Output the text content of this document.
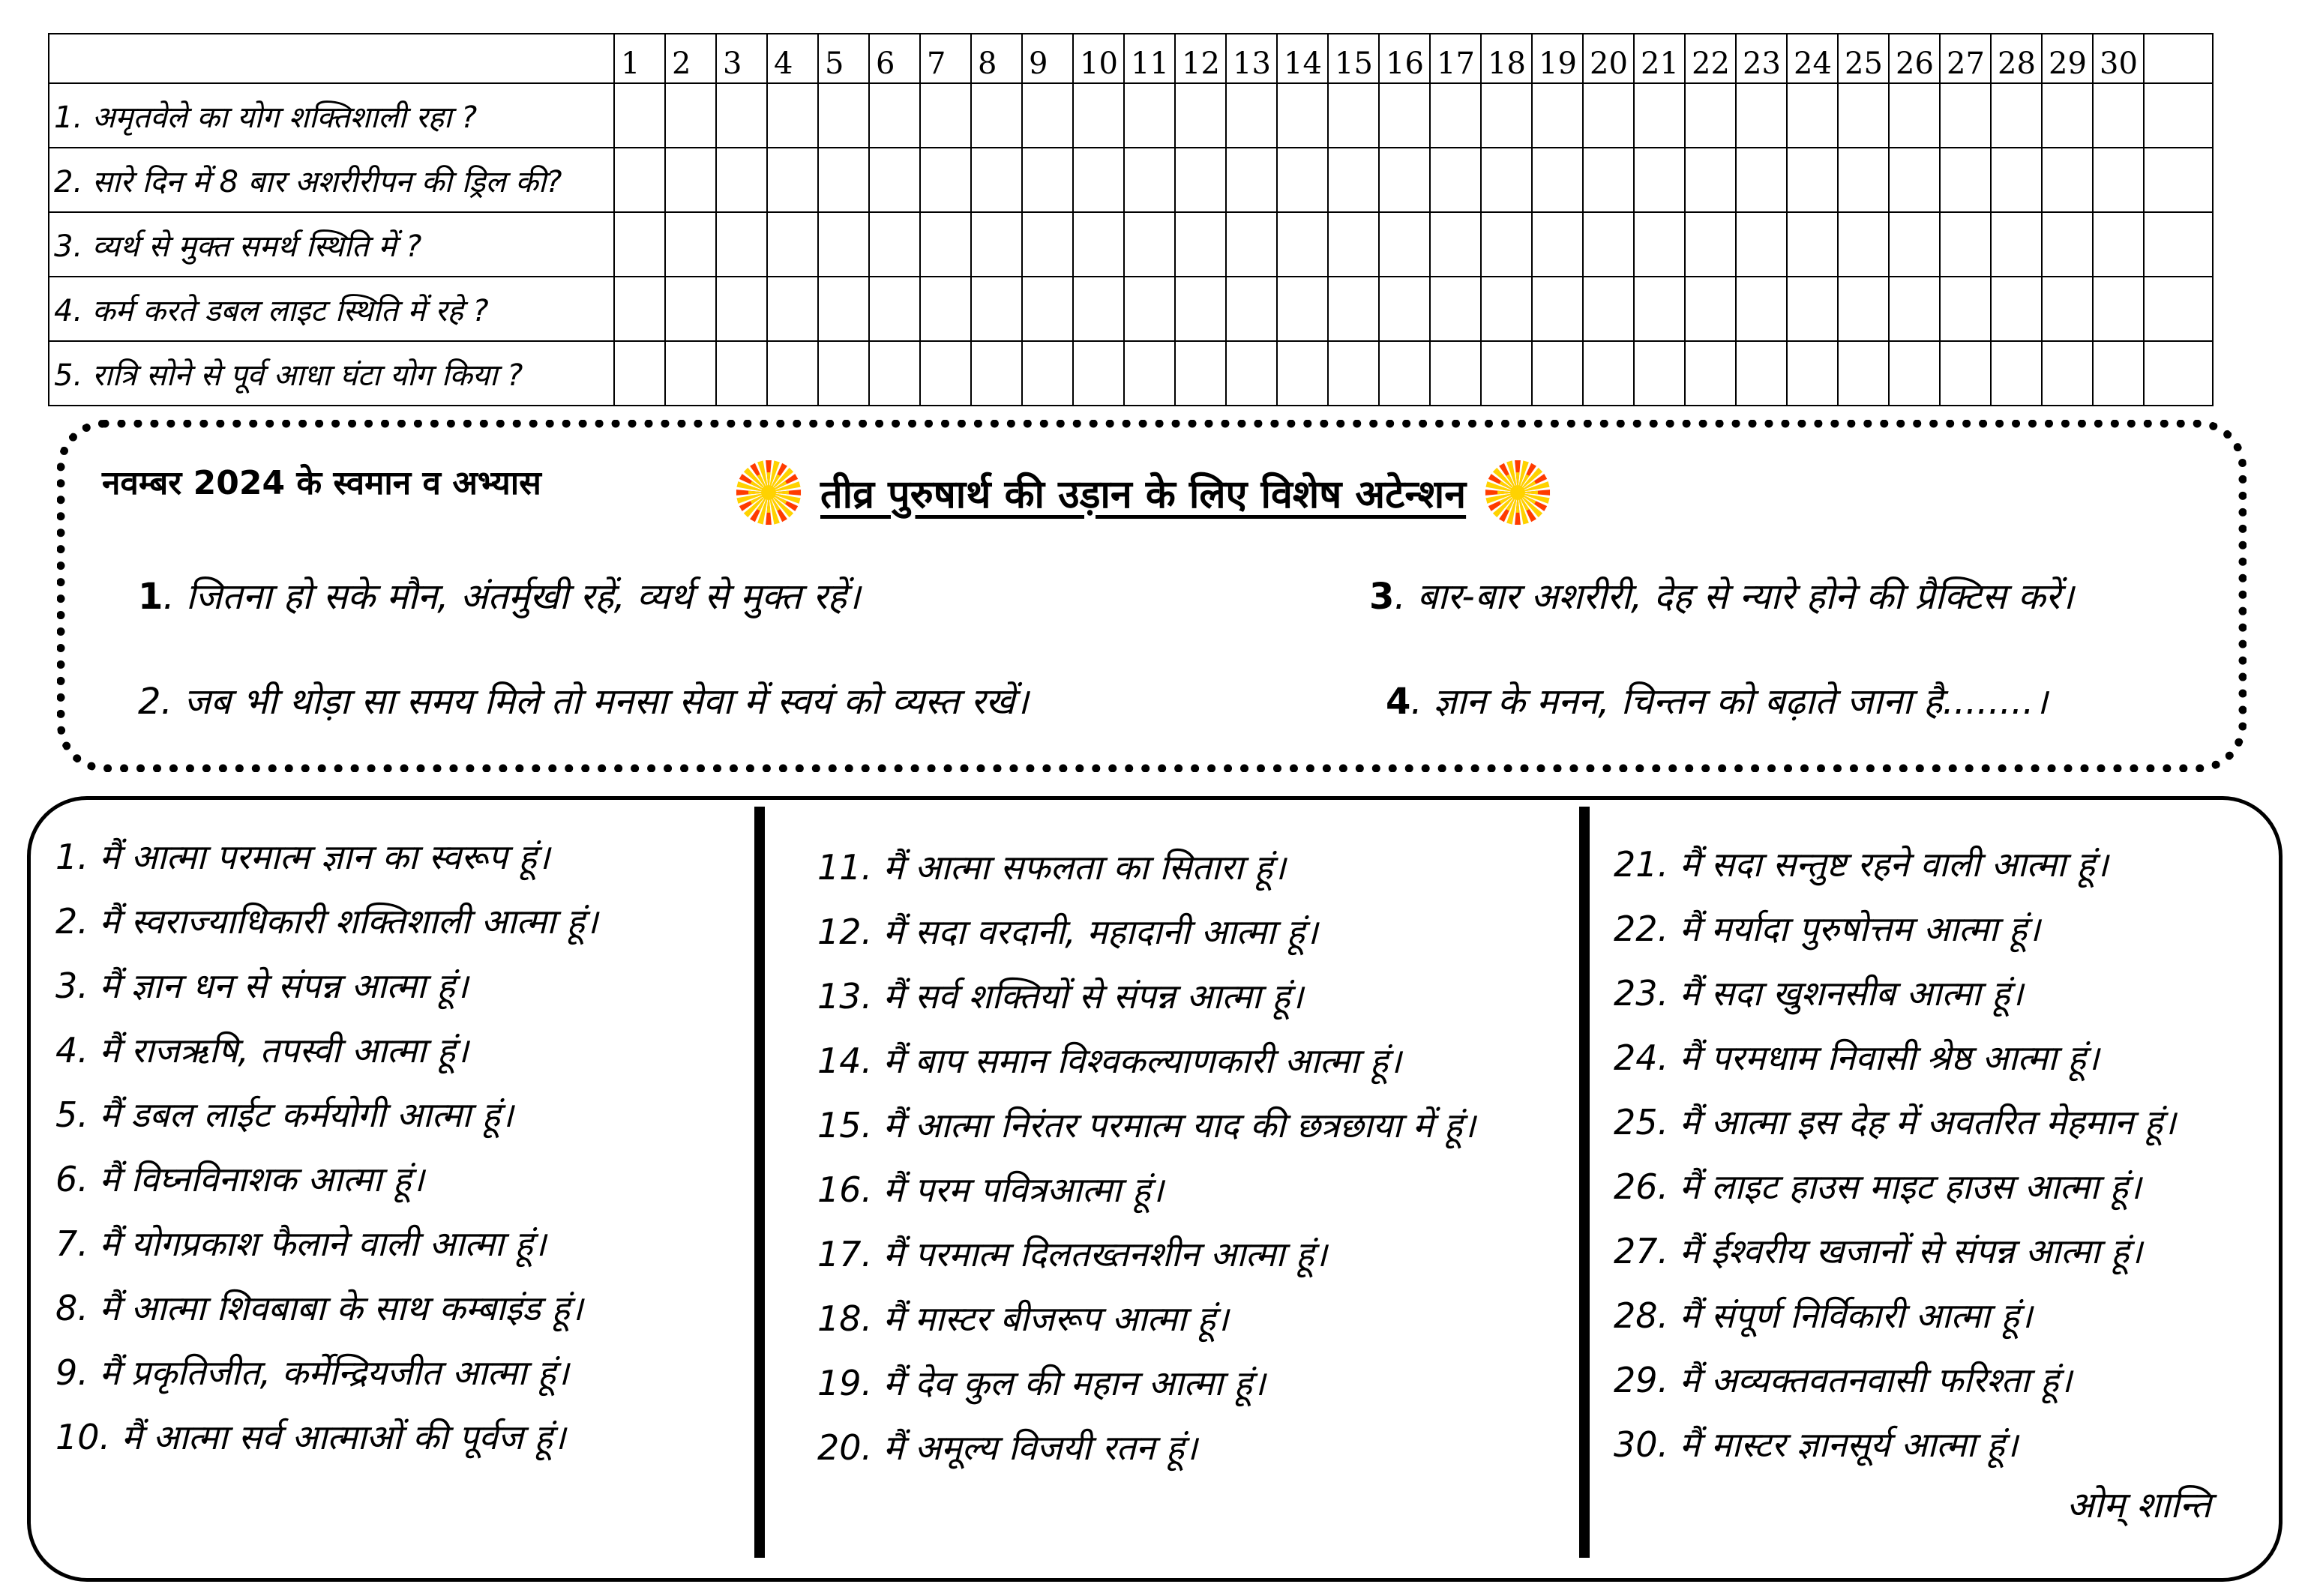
	1	2	3	4	5	6	7	8	9	10	11	12	13	14	15	16	17	18	19	20	21	22	23	24	25	26	27	28	29	30	
1. अमृतवेले का योग शक्तिशाली रहा ?																															
2. सारे दिन में 8 बार अशरीरीपन की ड्रिल की?																															
3. व्यर्थ से मुक्त समर्थ स्थिति में ?																															
4. कर्म करते डबल लाइट स्थिति में रहे ?																															
5. रात्रि सोने से पूर्व आधा घंटा योग किया ?																															
नवम्बर 2024 के स्वमान व अभ्यास	तीव्र पुरुषार्थ की उड़ान के लिए विशेष अटेन्शन
1. जितना हो सके मौन, अंतर्मुखी रहें, व्यर्थ से मुक्त रहें।
2. जब भी थोड़ा सा समय मिले तो मनसा सेवा में स्वयं को व्यस्त रखें।
3. बार-बार अशरीरी, देह से न्यारे होने की प्रैक्टिस करें।
4. ज्ञान के मनन, चिन्तन को बढ़ाते जाना है........।
1. मैं आत्मा परमात्म ज्ञान का स्वरूप हूं।
2. मैं स्वराज्याधिकारी शक्तिशाली आत्मा हूं।
3. मैं ज्ञान धन से संपन्न आत्मा हूं।
4. मैं राजऋषि, तपस्वी आत्मा हूं।
5. मैं डबल लाईट कर्मयोगी आत्मा हूं।
6. मैं विघ्नविनाशक आत्मा हूं।
7. मैं योगप्रकाश फैलाने वाली आत्मा हूं।
8. मैं आत्मा शिवबाबा के साथ कम्बाइंड हूं।
9. मैं प्रकृतिजीत, कर्मेन्द्रियजीत आत्मा हूं।
10. मैं आत्मा सर्व आत्माओं की पूर्वज हूं।
11. मैं आत्मा सफलता का सितारा हूं।
12. मैं सदा वरदानी, महादानी आत्मा हूं।
13. मैं सर्व शक्तियों से संपन्न आत्मा हूं।
14. मैं बाप समान विश्वकल्याणकारी आत्मा हूं।
15. मैं आत्मा निरंतर परमात्म याद की छत्रछाया में हूं।
16. मैं परम पवित्रआत्मा हूं।
17. मैं परमात्म दिलतख्तनशीन आत्मा हूं।
18. मैं मास्टर बीजरूप आत्मा हूं।
19. मैं देव कुल की महान आत्मा हूं।
20. मैं अमूल्य विजयी रतन हूं।
21. मैं सदा सन्तुष्ट रहने वाली आत्मा हूं।
22. मैं मर्यादा पुरुषोत्तम आत्मा हूं।
23. मैं सदा खुशनसीब आत्मा हूं।
24. मैं परमधाम निवासी श्रेष्ठ आत्मा हूं।
25. मैं आत्मा इस देह में अवतरित मेहमान हूं।
26. मैं लाइट हाउस माइट हाउस आत्मा हूं।
27. मैं ईश्वरीय खजानों से संपन्न आत्मा हूं।
28. मैं संपूर्ण निर्विकारी आत्मा हूं।
29. मैं अव्यक्तवतनवासी फरिश्ता हूं।
30. मैं मास्टर ज्ञानसूर्य आत्मा हूं।
ओम् शान्ति
